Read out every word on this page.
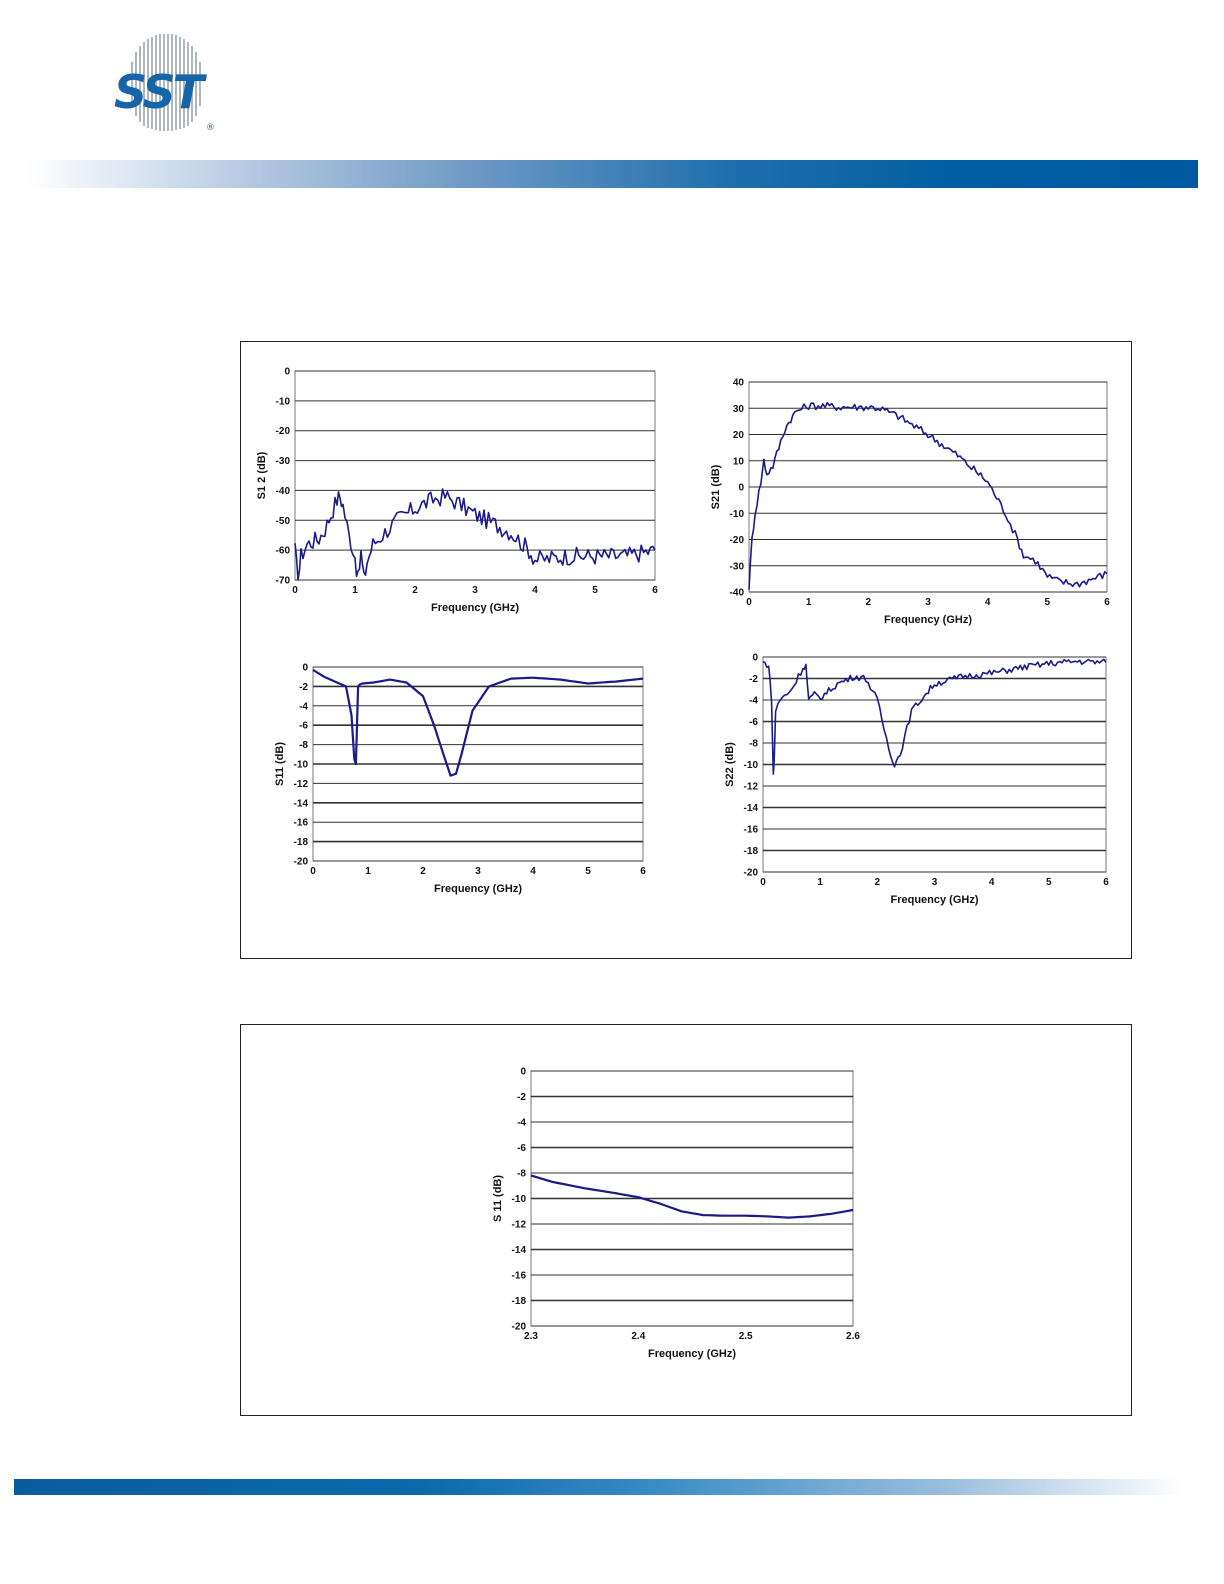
SST
®
0
-10
-20
-30
-40
-50
-60
-70
0	1	2	3	4	5	6
Frequency (GHz)
S1 2 (dB)
40
30
20
10
0
-10
-20
-30
-40
0	1	2	3	4	5	6
Frequency (GHz)
S21 (dB)
0
-2
-4
-6
-8
-10
-12
-14
-16
-18
-20
0	1	2	3	4	5	6
Frequency (GHz)
S11 (dB)
0
-2
-4
-6
-8
-10
-12
-14
-16
-18
-20
0	1	2	3	4	5	6
Frequency (GHz)
S22 (dB)
0
-2
-4
-6
-8
-10
-12
-14
-16
-18
-20
2.3	2.4	2.5	2.6
Frequency (GHz)
S 11 (dB)
